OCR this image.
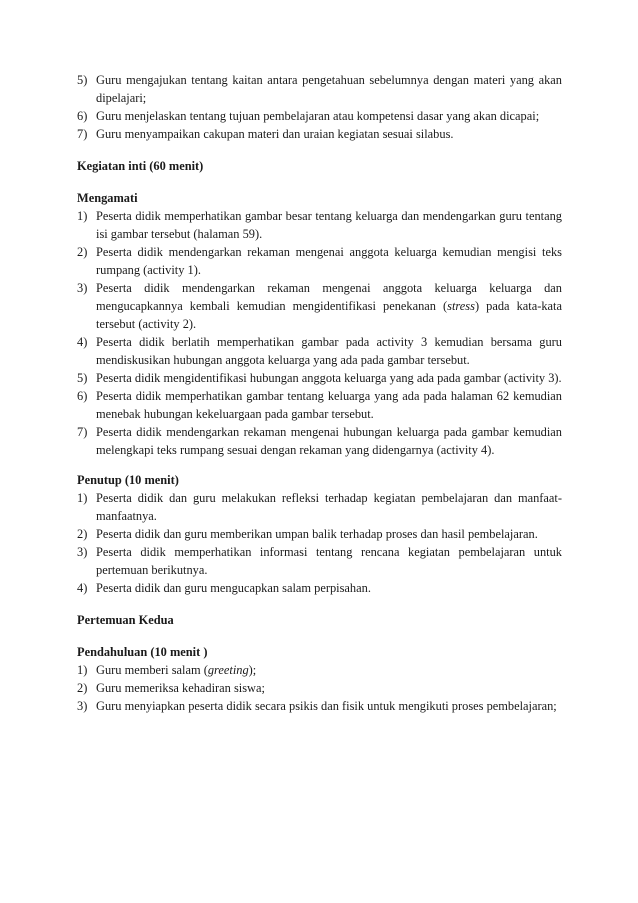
5) Guru mengajukan tentang kaitan antara pengetahuan sebelumnya dengan materi yang akan dipelajari;
6) Guru menjelaskan tentang tujuan pembelajaran atau kompetensi dasar yang akan dicapai;
7) Guru menyampaikan cakupan materi dan uraian kegiatan sesuai silabus.
Kegiatan inti (60 menit)
Mengamati
1) Peserta didik memperhatikan gambar besar tentang keluarga dan mendengarkan guru tentang isi gambar tersebut (halaman 59).
2) Peserta didik mendengarkan rekaman mengenai anggota keluarga kemudian mengisi teks rumpang (activity 1).
3) Peserta didik mendengarkan rekaman mengenai anggota keluarga keluarga dan mengucapkannya kembali kemudian mengidentifikasi penekanan (stress) pada kata-kata tersebut (activity 2).
4) Peserta didik berlatih memperhatikan gambar pada activity 3 kemudian bersama guru mendiskusikan hubungan anggota keluarga yang ada pada gambar tersebut.
5) Peserta didik mengidentifikasi hubungan anggota keluarga yang ada pada gambar (activity 3).
6) Peserta didik memperhatikan gambar tentang keluarga yang ada pada halaman 62 kemudian menebak hubungan kekeluargaan pada gambar tersebut.
7) Peserta didik mendengarkan rekaman mengenai hubungan keluarga pada gambar kemudian melengkapi teks rumpang sesuai dengan rekaman yang didengarnya (activity 4).
Penutup (10 menit)
1) Peserta didik dan guru melakukan refleksi terhadap kegiatan pembelajaran dan manfaat-manfaatnya.
2) Peserta didik dan guru memberikan umpan balik terhadap proses dan hasil pembelajaran.
3) Peserta didik memperhatikan informasi tentang rencana kegiatan pembelajaran untuk pertemuan berikutnya.
4) Peserta didik dan guru mengucapkan salam perpisahan.
Pertemuan Kedua
Pendahuluan (10 menit )
1) Guru memberi salam (greeting);
2) Guru memeriksa kehadiran siswa;
3) Guru menyiapkan peserta didik secara psikis dan fisik untuk mengikuti proses pembelajaran;
